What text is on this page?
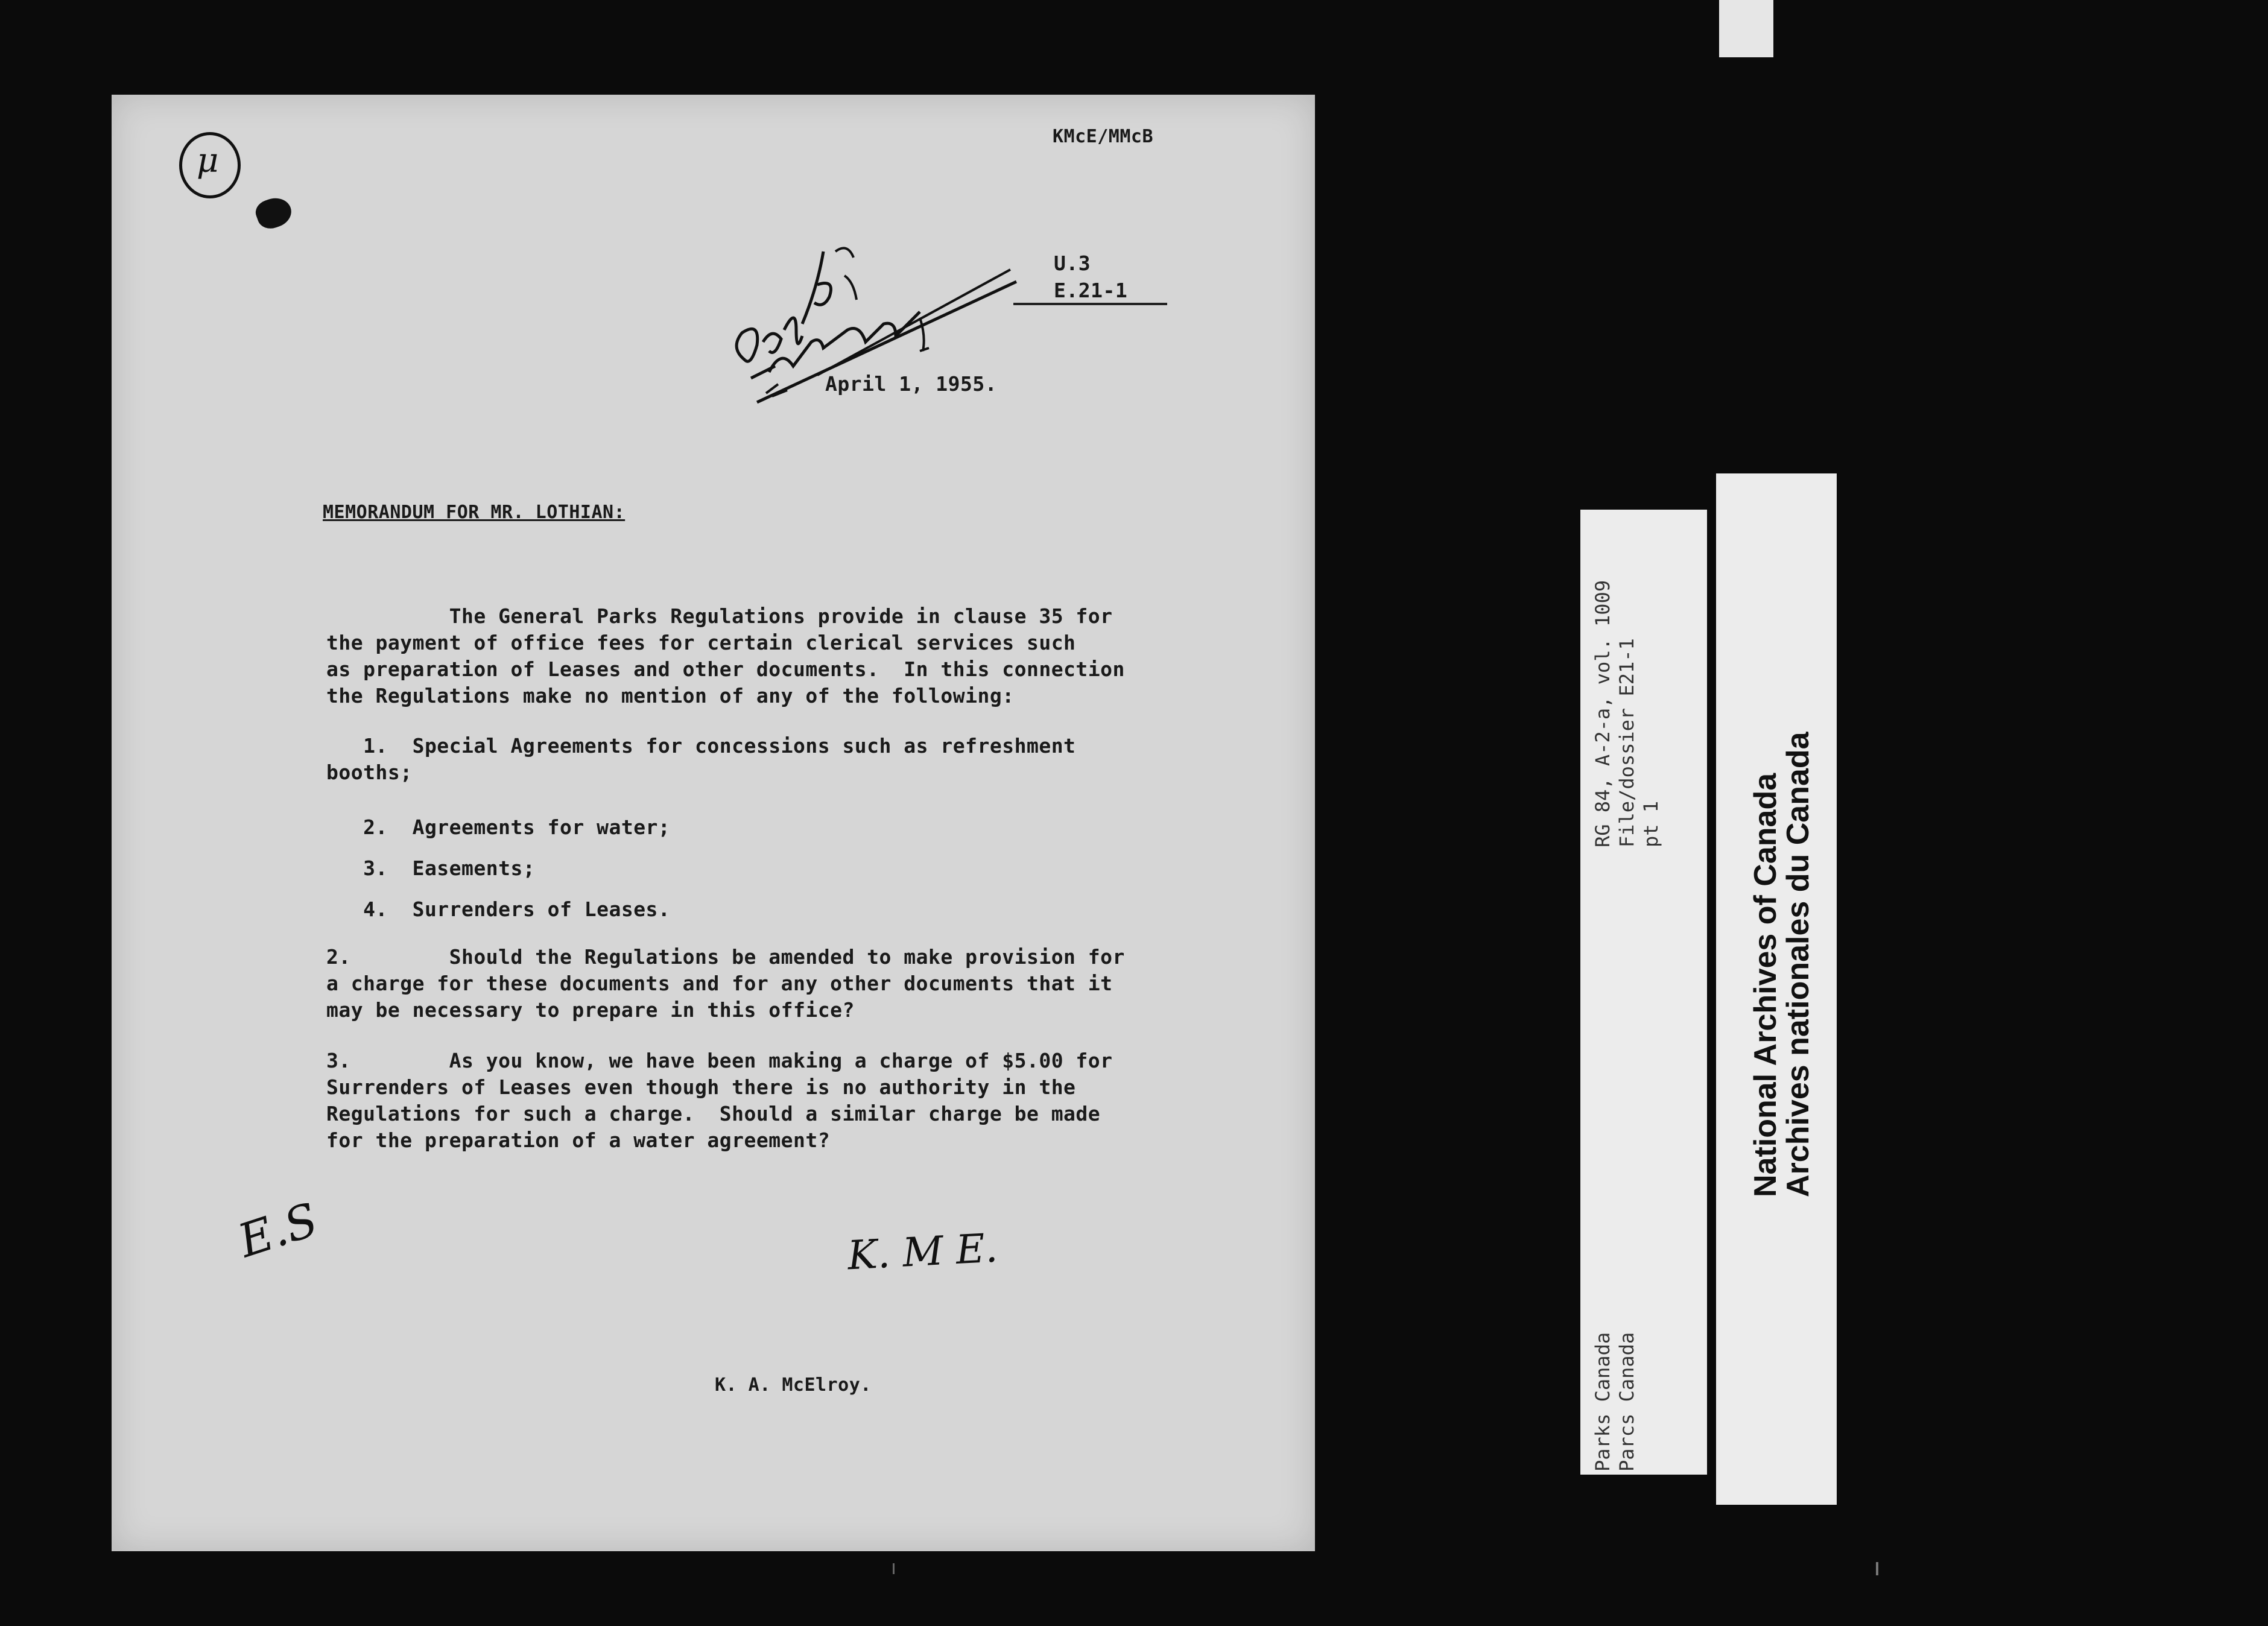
μ
KMcE/MMcB
U.3
E.21-1
April 1, 1955.
MEMORANDUM FOR MR. LOTHIAN:
The General Parks Regulations provide in clause 35 for
the payment of office fees for certain clerical services such
as preparation of Leases and other documents.  In this connection
the Regulations make no mention of any of the following:
1.  Special Agreements for concessions such as refreshment
booths;
2.  Agreements for water;
3.  Easements;
4.  Surrenders of Leases.
2.        Should the Regulations be amended to make provision for
a charge for these documents and for any other documents that it
may be necessary to prepare in this office?
3.        As you know, we have been making a charge of $5.00 for
Surrenders of Leases even though there is no authority in the
Regulations for such a charge.  Should a similar charge be made
for the preparation of a water agreement?
E.S	K. M E.
K. A. McElroy.
RG 84, A-2-a, vol. 1009 File/dossier E21-1 pt 1
Parks Canada Parcs Canada
National Archives of Canada
Archives nationales du Canada
